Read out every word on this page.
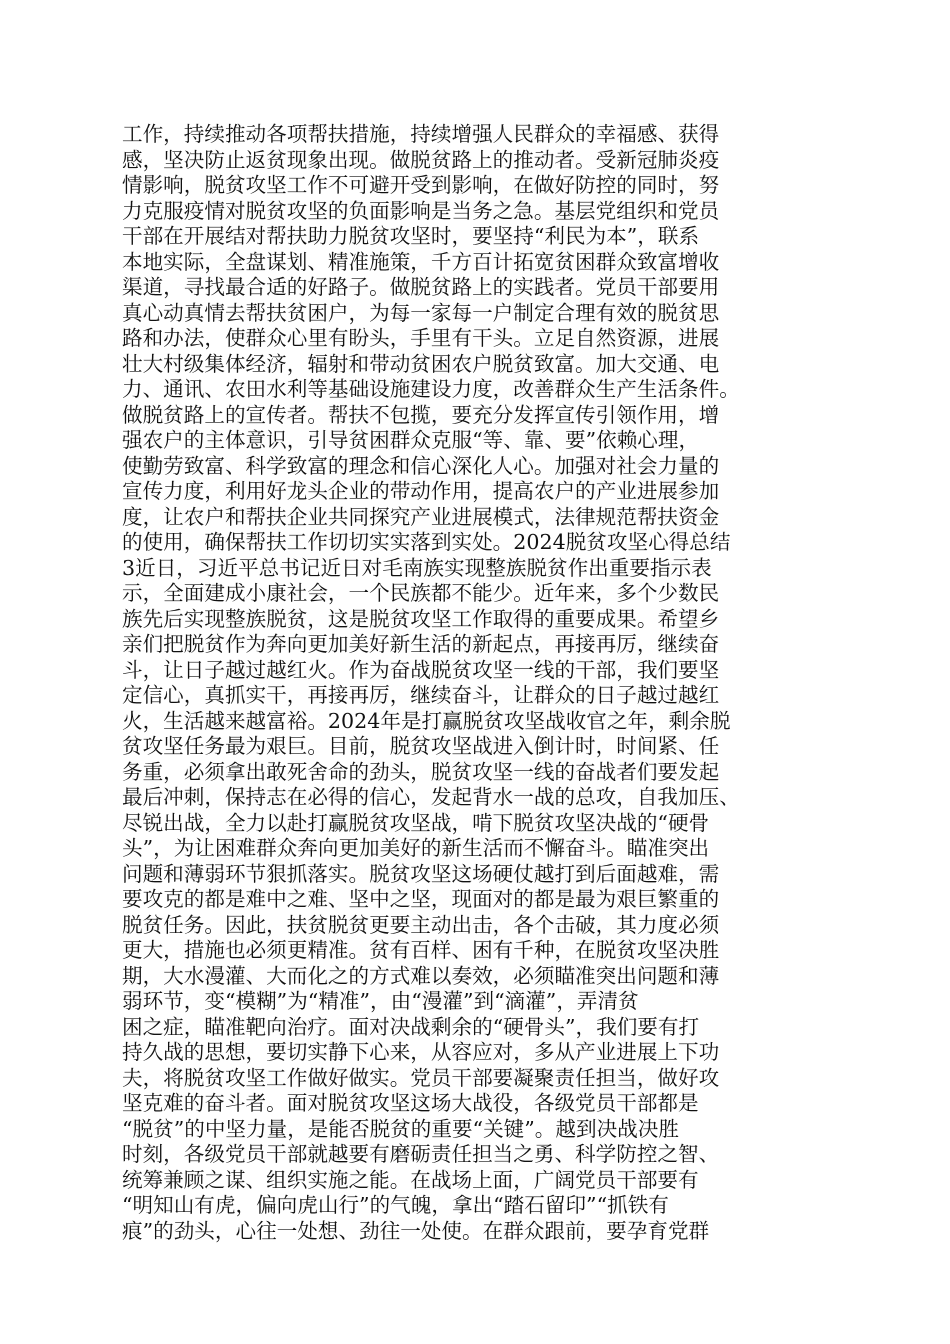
工作，持续推动各项帮扶措施，持续增强人民群众的幸福感、获得
感，坚决防止返贫现象出现。做脱贫路上的推动者。受新冠肺炎疫
情影响，脱贫攻坚工作不可避开受到影响，在做好防控的同时，努
力克服疫情对脱贫攻坚的负面影响是当务之急。基层党组织和党员
干部在开展结对帮扶助力脱贫攻坚时，要坚持“利民为本”，联系
本地实际，全盘谋划、精准施策，千方百计拓宽贫困群众致富增收
渠道，寻找最合适的好路子。做脱贫路上的实践者。党员干部要用
真心动真情去帮扶贫困户，为每一家每一户制定合理有效的脱贫思
路和办法，使群众心里有盼头，手里有干头。立足自然资源，进展
壮大村级集体经济，辐射和带动贫困农户脱贫致富。加大交通、电
力、通讯、农田水利等基础设施建设力度，改善群众生产生活条件。
做脱贫路上的宣传者。帮扶不包揽，要充分发挥宣传引领作用，增
强农户的主体意识，引导贫困群众克服“等、靠、要”依赖心理，
使勤劳致富、科学致富的理念和信心深化人心。加强对社会力量的
宣传力度，利用好龙头企业的带动作用，提高农户的产业进展参加
度，让农户和帮扶企业共同探究产业进展模式，法律规范帮扶资金
的使用，确保帮扶工作切切实实落到实处。2024脱贫攻坚心得总结
3近日，习近平总书记近日对毛南族实现整族脱贫作出重要指示表
示，全面建成小康社会，一个民族都不能少。近年来，多个少数民
族先后实现整族脱贫，这是脱贫攻坚工作取得的重要成果。希望乡
亲们把脱贫作为奔向更加美好新生活的新起点，再接再厉，继续奋
斗，让日子越过越红火。作为奋战脱贫攻坚一线的干部，我们要坚
定信心，真抓实干，再接再厉，继续奋斗，让群众的日子越过越红
火，生活越来越富裕。2024年是打赢脱贫攻坚战收官之年，剩余脱
贫攻坚任务最为艰巨。目前，脱贫攻坚战进入倒计时，时间紧、任
务重，必须拿出敢死舍命的劲头，脱贫攻坚一线的奋战者们要发起
最后冲刺，保持志在必得的信心，发起背水一战的总攻，自我加压、
尽锐出战，全力以赴打赢脱贫攻坚战，啃下脱贫攻坚决战的“硬骨
头”，为让困难群众奔向更加美好的新生活而不懈奋斗。瞄准突出
问题和薄弱环节狠抓落实。脱贫攻坚这场硬仗越打到后面越难，需
要攻克的都是难中之难、坚中之坚，现面对的都是最为艰巨繁重的
脱贫任务。因此，扶贫脱贫更要主动出击，各个击破，其力度必须
更大，措施也必须更精准。贫有百样、困有千种，在脱贫攻坚决胜
期，大水漫灌、大而化之的方式难以奏效，必须瞄准突出问题和薄
弱环节，变“模糊”为“精准”，由“漫灌”到“滴灌”，弄清贫
困之症，瞄准靶向治疗。面对决战剩余的“硬骨头”，我们要有打
持久战的思想，要切实静下心来，从容应对，多从产业进展上下功
夫，将脱贫攻坚工作做好做实。党员干部要凝聚责任担当，做好攻
坚克难的奋斗者。面对脱贫攻坚这场大战役，各级党员干部都是
“脱贫”的中坚力量，是能否脱贫的重要“关键”。越到决战决胜
时刻，各级党员干部就越要有磨砺责任担当之勇、科学防控之智、
统筹兼顾之谋、组织实施之能。在战场上面，广阔党员干部要有
“明知山有虎，偏向虎山行”的气魄，拿出“踏石留印”“抓铁有
痕”的劲头，心往一处想、劲往一处使。在群众跟前，要孕育党群
